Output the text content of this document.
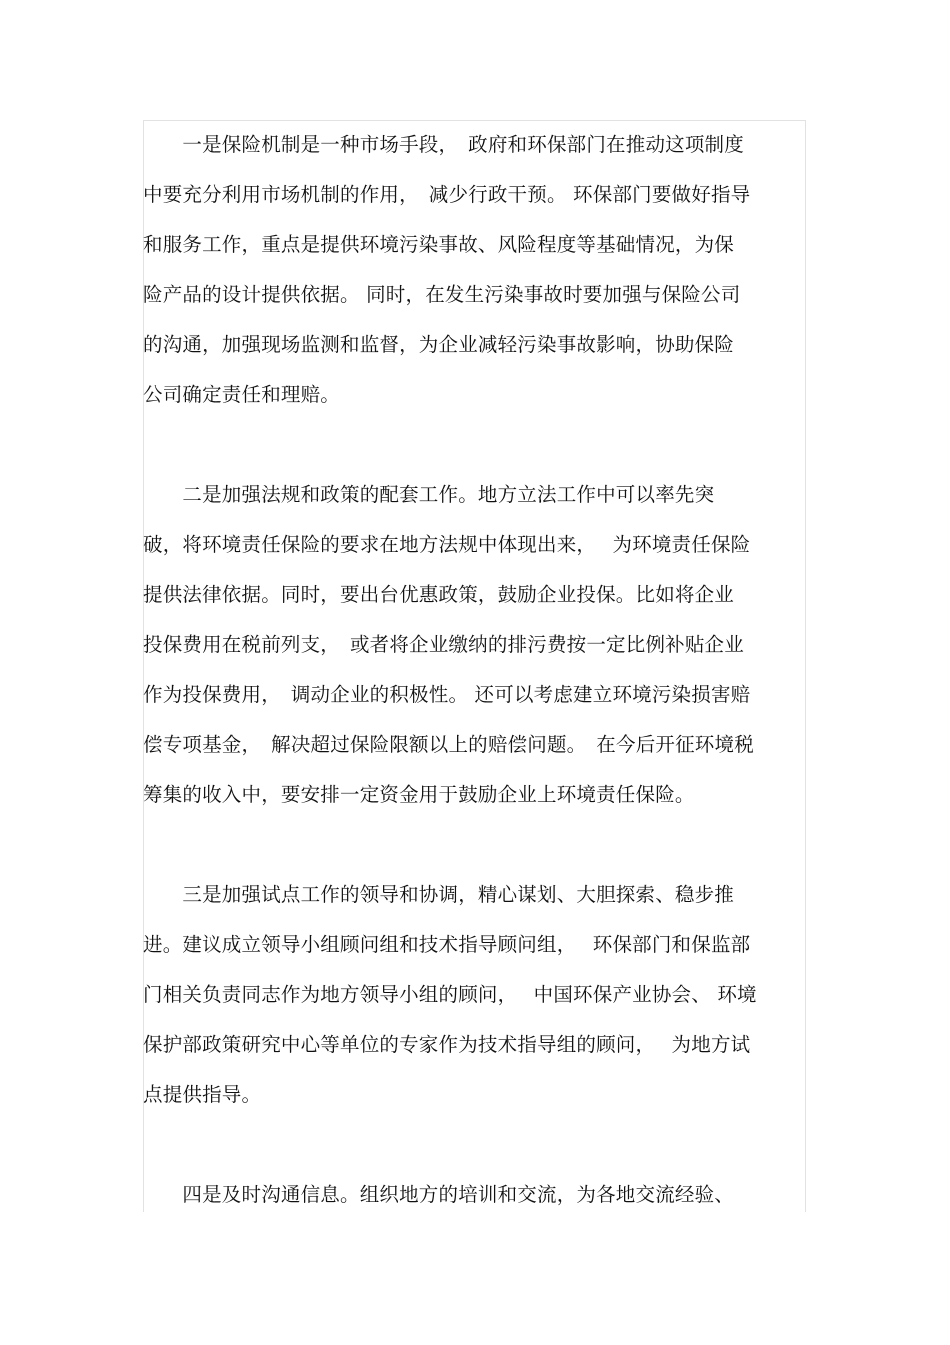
　　一是保险机制是一种市场手段，　政府和环保部门在推动这项制度
中要充分利用市场机制的作用，　减少行政干预。 环保部门要做好指导
和服务工作，重点是提供环境污染事故、风险程度等基础情况，为保
险产品的设计提供依据。 同时，在发生污染事故时要加强与保险公司
的沟通，加强现场监测和监督，为企业减轻污染事故影响，协助保险
公司确定责任和理赔。
　　二是加强法规和政策的配套工作。地方立法工作中可以率先突
破，将环境责任保险的要求在地方法规中体现出来，　 为环境责任保险
提供法律依据。同时，要出台优惠政策，鼓励企业投保。比如将企业
投保费用在税前列支，　或者将企业缴纳的排污费按一定比例补贴企业
作为投保费用，　调动企业的积极性。 还可以考虑建立环境污染损害赔
偿专项基金，　解决超过保险限额以上的赔偿问题。　在今后开征环境税
筹集的收入中，要安排一定资金用于鼓励企业上环境责任保险。
　　三是加强试点工作的领导和协调，精心谋划、大胆探索、稳步推
进。建议成立领导小组顾问组和技术指导顾问组，　 环保部门和保监部
门相关负责同志作为地方领导小组的顾问，　 中国环保产业协会、 环境
保护部政策研究中心等单位的专家作为技术指导组的顾问，　 为地方试
点提供指导。
　　四是及时沟通信息。组织地方的培训和交流，为各地交流经验、
